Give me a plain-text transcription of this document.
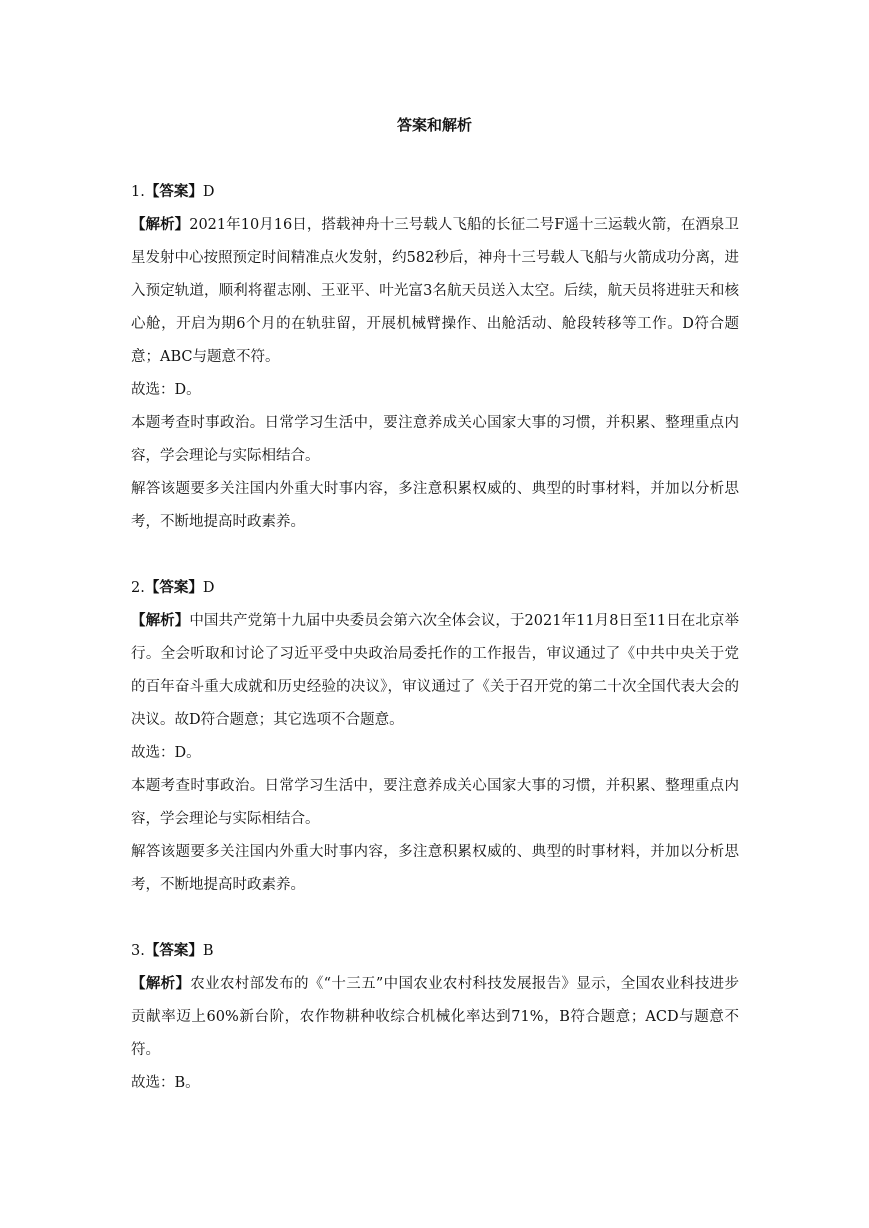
答案和解析

1.【答案】D

【解析】2021年10月16日，搭载神舟十三号载人飞船的长征二号F遥十三运载火箭，在酒泉卫星发射中心按照预定时间精准点火发射，约582秒后，神舟十三号载人飞船与火箭成功分离，进入预定轨道，顺利将翟志刚、王亚平、叶光富3名航天员送入太空。后续，航天员将进驻天和核心舱，开启为期6个月的在轨驻留，开展机械臂操作、出舱活动、舱段转移等工作。D符合题意；ABC与题意不符。

故选：D。

本题考查时事政治。日常学习生活中，要注意养成关心国家大事的习惯，并积累、整理重点内容，学会理论与实际相结合。

解答该题要多关注国内外重大时事内容，多注意积累权威的、典型的时事材料，并加以分析思考，不断地提高时政素养。

2.【答案】D

【解析】中国共产党第十九届中央委员会第六次全体会议，于2021年11月8日至11日在北京举行。全会听取和讨论了习近平受中央政治局委托作的工作报告，审议通过了《中共中央关于党的百年奋斗重大成就和历史经验的决议》，审议通过了《关于召开党的第二十次全国代表大会的决议。故D符合题意；其它选项不合题意。

故选：D。

本题考查时事政治。日常学习生活中，要注意养成关心国家大事的习惯，并积累、整理重点内容，学会理论与实际相结合。

解答该题要多关注国内外重大时事内容，多注意积累权威的、典型的时事材料，并加以分析思考，不断地提高时政素养。

3.【答案】B

【解析】农业农村部发布的《“十三五”中国农业农村科技发展报告》显示，全国农业科技进步贡献率迈上60%新台阶，农作物耕种收综合机械化率达到71%，B符合题意；ACD与题意不符。

故选：B。
